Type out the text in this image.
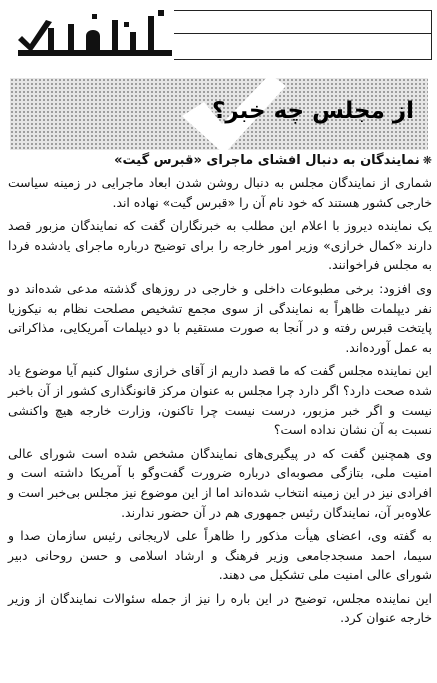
از مجلس چه خبر؟
❋نمایندگان به دنبال افشای ماجرای «قبرس گیت»

شماری از نمایندگان مجلس به دنبال روشن شدن ابعاد ماجرایی در زمینه سیاست خارجی کشور هستند که خود نام آن را «قبرس گیت» نهاده اند.

یک نماینده دیروز با اعلام این مطلب به خبرنگاران گفت که نمایندگان مزبور قصد دارند «کمال خرازی» وزیر امور خارجه را برای توضیح درباره ماجرای یادشده فردا به مجلس فراخوانند.

وی افزود: برخی مطبوعات داخلی و خارجی در روزهای گذشته مدعی شده‌اند دو نفر دیپلمات ظاهراً به نمایندگی از سوی مجمع تشخیص مصلحت نظام به نیکوزیا پایتخت قبرس رفته و در آنجا به صورت مستقیم با دو دیپلمات آمریکایی، مذاکراتی به عمل آورده‌اند.

این نماینده مجلس گفت که ما قصد داریم از آقای خرازی سئوال کنیم آیا موضوع یاد شده صحت دارد؟ اگر دارد چرا مجلس به عنوان مرکز قانونگذاری کشور از آن باخبر نیست و اگر خبر مزبور، درست نیست چرا تاکنون، وزارت خارجه هیچ واکنشی نسبت به آن نشان نداده است؟

وی همچنین گفت که در پیگیری‌های نمایندگان مشخص شده است شورای عالی امنیت ملی، بتازگی مصوبه‌ای درباره ضرورت گفت‌وگو با آمریکا داشته است و افرادی نیز در این زمینه انتخاب شده‌اند اما از این موضوع نیز مجلس بی‌خبر است و علاوه‌بر آن، نمایندگان رئیس جمهوری هم در آن حضور ندارند.

به گفته وی، اعضای هیأت مذکور را ظاهراً علی لاریجانی رئیس سازمان صدا و سیما، احمد مسجدجامعی وزیر فرهنگ و ارشاد اسلامی و حسن روحانی دبیر شورای عالی امنیت ملی تشکیل می دهند.

این نماینده مجلس، توضیح در این باره را نیز از جمله سئوالات نمایندگان از وزیر خارجه عنوان کرد.
